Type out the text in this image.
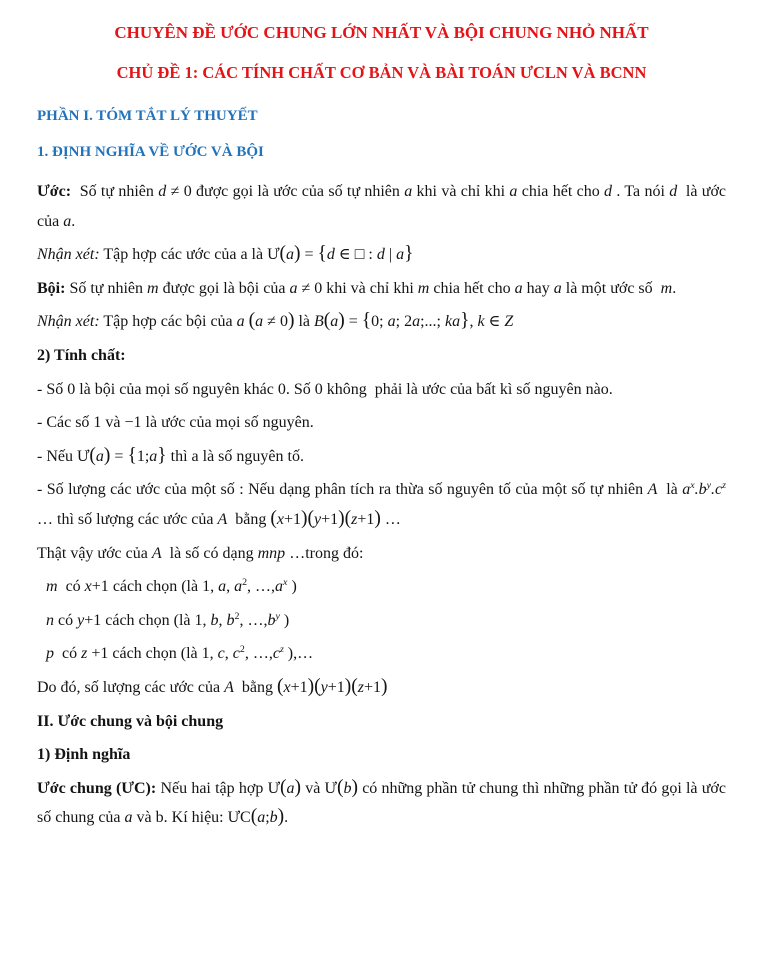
CHUYÊN ĐỀ ƯỚC CHUNG LỚN NHẤT VÀ BỘI CHUNG NHỎ NHẤT
CHỦ ĐỀ 1: CÁC TÍNH CHẤT CƠ BẢN VÀ BÀI TOÁN ƯCLN VÀ BCNN
PHẦN I. TÓM TẮT LÝ THUYẾT
1. ĐỊNH NGHĨA VỀ ƯỚC VÀ BỘI

Ước:  Số tự nhiên d ≠ 0 được gọi là ước của số tự nhiên a khi và chỉ khi a chia hết cho d . Ta nói d  là ước của a.

Nhận xét: Tập hợp các ước của a là Ư(a) = {d ∈ □ : d | a}

Bội: Số tự nhiên m được gọi là bội của a ≠ 0 khi và chỉ khi m chia hết cho a hay a là một ước số  m.

Nhận xét: Tập hợp các bội của a (a ≠ 0) là B(a) = {0; a; 2a;...; ka}, k ∈ Z

2) Tính chất:

- Số 0 là bội của mọi số nguyên khác 0. Số 0 không  phải là ước của bất kì số nguyên nào.

- Các số 1 và −1 là ước của mọi số nguyên.

- Nếu Ư(a) = {1;a} thì a là số nguyên tố.

- Số lượng các ước của một số : Nếu dạng phân tích ra thừa số nguyên tố của một số tự nhiên A  là $a^x.b^y.c^z$ … thì số lượng các ước của A  bằng (x+1)(y+1)(z+1) …

Thật vậy ước của A  là số có dạng mnp …trong đó:

m  có x+1 cách chọn (là 1, a, $a^2$, $\dots,a^x$ )

n có y+1 cách chọn (là 1, b, $b^2$, $\dots,b^y$ )

p  có z +1 cách chọn (là 1, c, $c^2$, $\dots,c^z$ ),…

Do đó, số lượng các ước của A  bằng (x+1)(y+1)(z+1)

II. Ước chung và bội chung

1) Định nghĩa

Ước chung (ƯC): Nếu hai tập hợp Ư(a) và Ư(b) có những phần tử chung thì những phần tử đó gọi là ước số chung của a và b. Kí hiệu: ƯC(a;b).
